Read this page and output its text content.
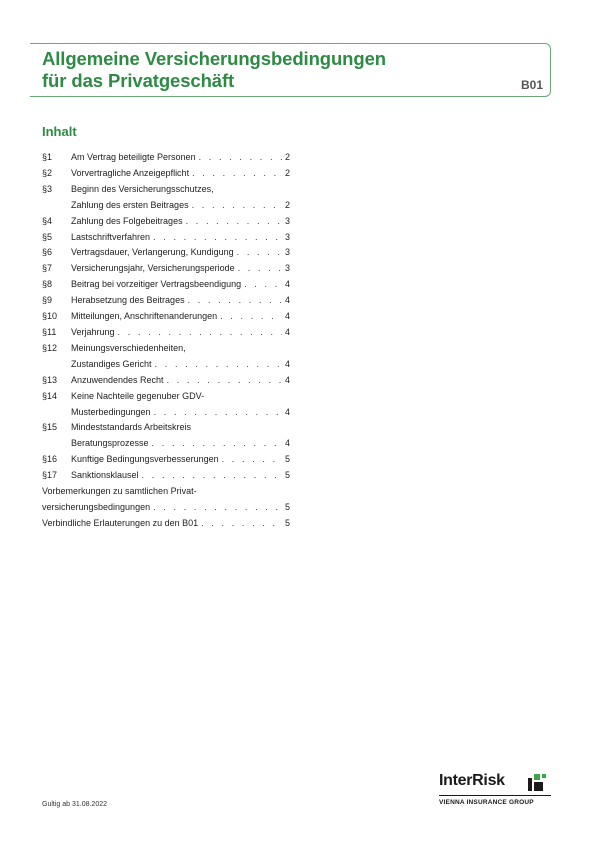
Allgemeine Versicherungsbedingungen
für das Privatgeschäft	B01
Inhalt
§1	Am Vertrag beteiligte Personen . . .	2
§2	Vorvertragliche Anzeigepflicht . . .	2
§3	Beginn des Versicherungsschutzes,
Zahlung des ersten Beitrages . . .	2
§4	Zahlung des Folgebeitrages . . .	3
§5	Lastschriftverfahren . . .	3
§6	Vertragsdauer, Verlangerung, Kundigung . . .	3
§7	Versicherungsjahr, Versicherungsperiode . . .	3
§8	Beitrag bei vorzeitiger Vertragsbeendigung . . .	4
§9	Herabsetzung des Beitrages . . .	4
§10	Mitteilungen, Anschriftenanderungen . . .	4
§11	Verjahrung . . .	4
§12	Meinungsverschiedenheiten,
Zustandiges Gericht . . .	4
§13	Anzuwendendes Recht . . .	4
§14	Keine Nachteile gegenuber GDV-
Musterbedingungen . . .	4
§15	Mindeststandards Arbeitskreis
Beratungsprozesse . . .	4
§16	Kunftige Bedingungsverbesserungen . . .	5
§17	Sanktionsklausel . . .	5
Vorbemerkungen zu samtlichen Privat-
versicherungsbedingungen . . .	5
Verbindliche Erlauterungen zu den B01 . . .	5
Gultig ab 31.08.2022
InterRisk
VIENNA INSURANCE GROUP
